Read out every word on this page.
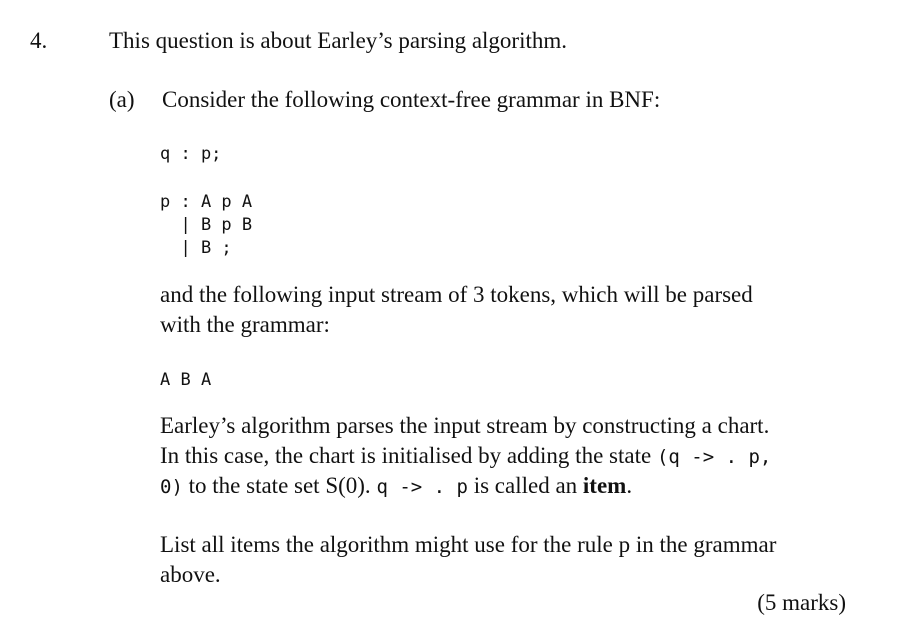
4.	This question is about Earley’s parsing algorithm.
(a) Consider the following context-free grammar in BNF:
q : p;
p : A p A
| B p B
| B ;
and the following input stream of 3 tokens, which will be parsed
with the grammar:
A B A
Earley’s algorithm parses the input stream by constructing a chart.
In this case, the chart is initialised by adding the state (q -> . p,
0) to the state set S(0). q -> . p is called an item.
List all items the algorithm might use for the rule p in the grammar
above.
(5 marks)
